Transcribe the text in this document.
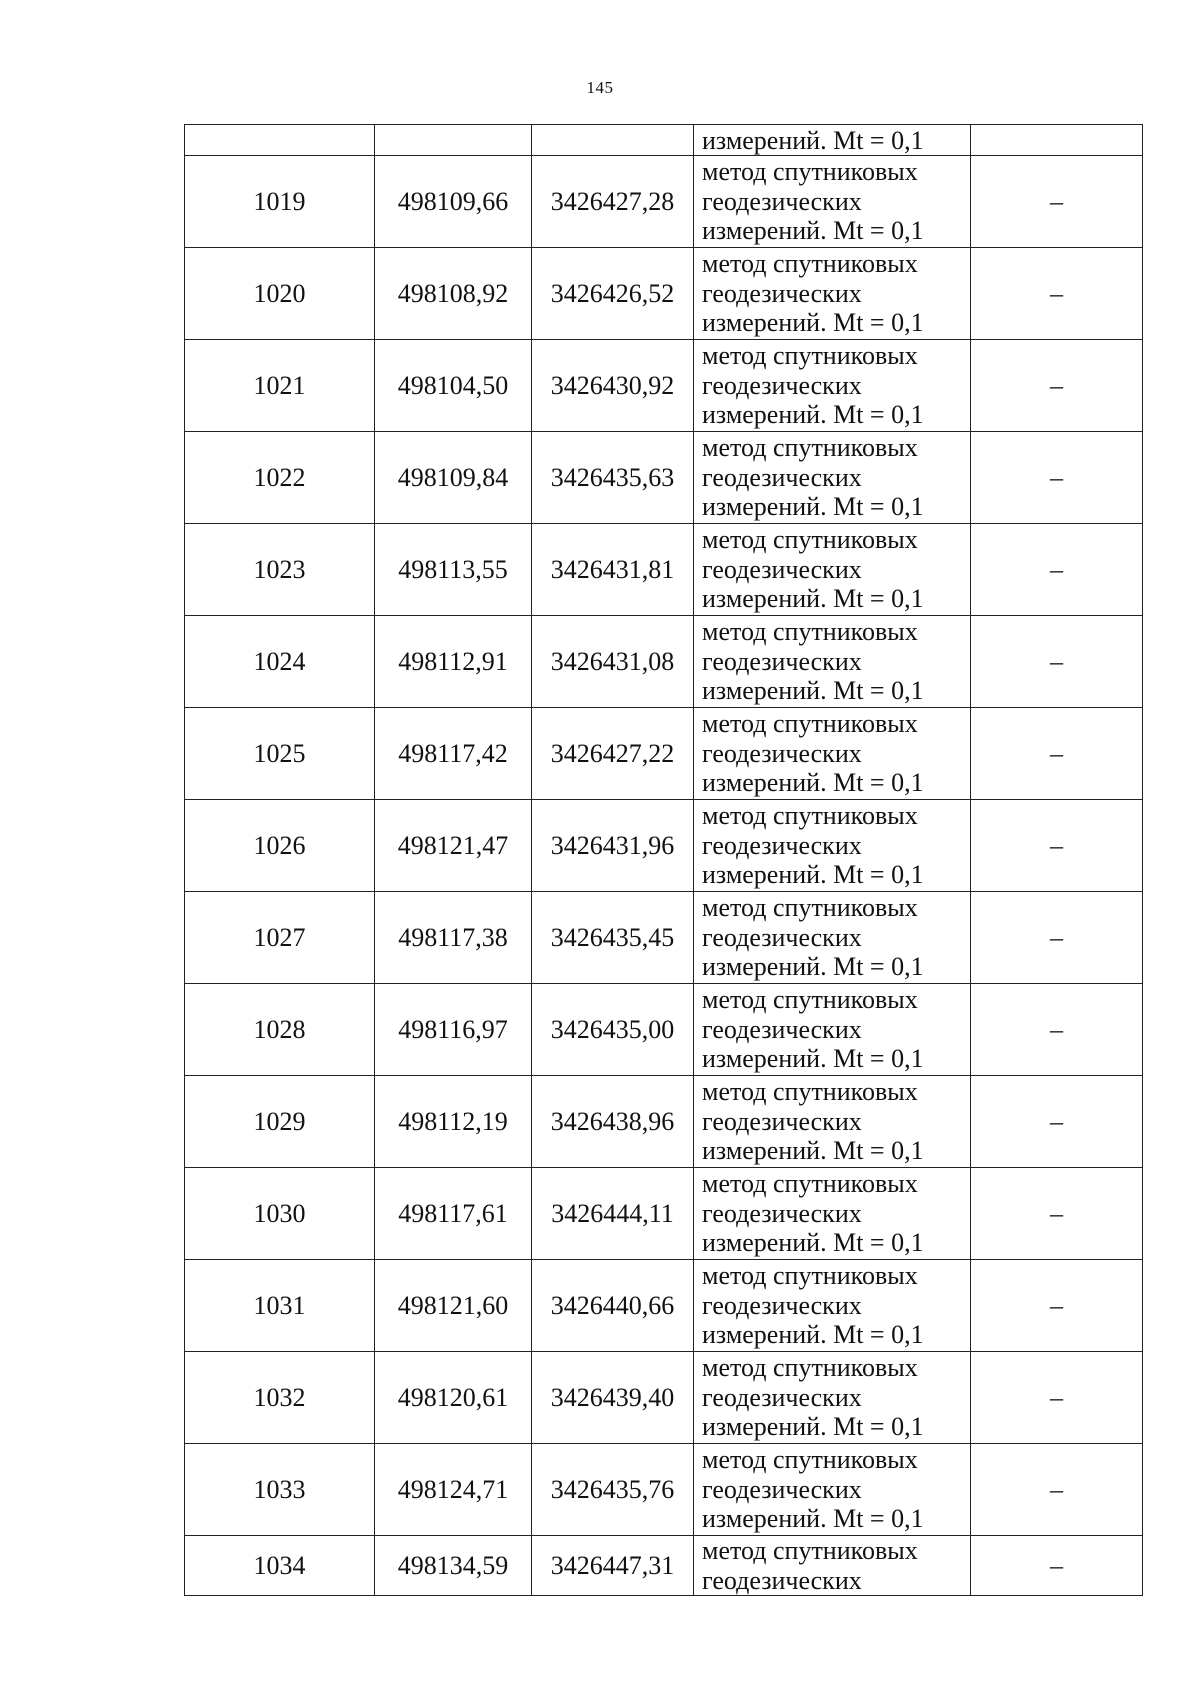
145

			измерений. Mt = 0,1	

1019	498109,66	3426427,28	метод спутниковых
геодезических
измерений. Mt = 0,1	–
1020	498108,92	3426426,52	метод спутниковых
геодезических
измерений. Mt = 0,1	–
1021	498104,50	3426430,92	метод спутниковых
геодезических
измерений. Mt = 0,1	–
1022	498109,84	3426435,63	метод спутниковых
геодезических
измерений. Mt = 0,1	–
1023	498113,55	3426431,81	метод спутниковых
геодезических
измерений. Mt = 0,1	–
1024	498112,91	3426431,08	метод спутниковых
геодезических
измерений. Mt = 0,1	–
1025	498117,42	3426427,22	метод спутниковых
геодезических
измерений. Mt = 0,1	–
1026	498121,47	3426431,96	метод спутниковых
геодезических
измерений. Mt = 0,1	–
1027	498117,38	3426435,45	метод спутниковых
геодезических
измерений. Mt = 0,1	–
1028	498116,97	3426435,00	метод спутниковых
геодезических
измерений. Mt = 0,1	–
1029	498112,19	3426438,96	метод спутниковых
геодезических
измерений. Mt = 0,1	–
1030	498117,61	3426444,11	метод спутниковых
геодезических
измерений. Mt = 0,1	–
1031	498121,60	3426440,66	метод спутниковых
геодезических
измерений. Mt = 0,1	–
1032	498120,61	3426439,40	метод спутниковых
геодезических
измерений. Mt = 0,1	–
1033	498124,71	3426435,76	метод спутниковых
геодезических
измерений. Mt = 0,1	–
1034	498134,59	3426447,31	метод спутниковых
геодезических	–
